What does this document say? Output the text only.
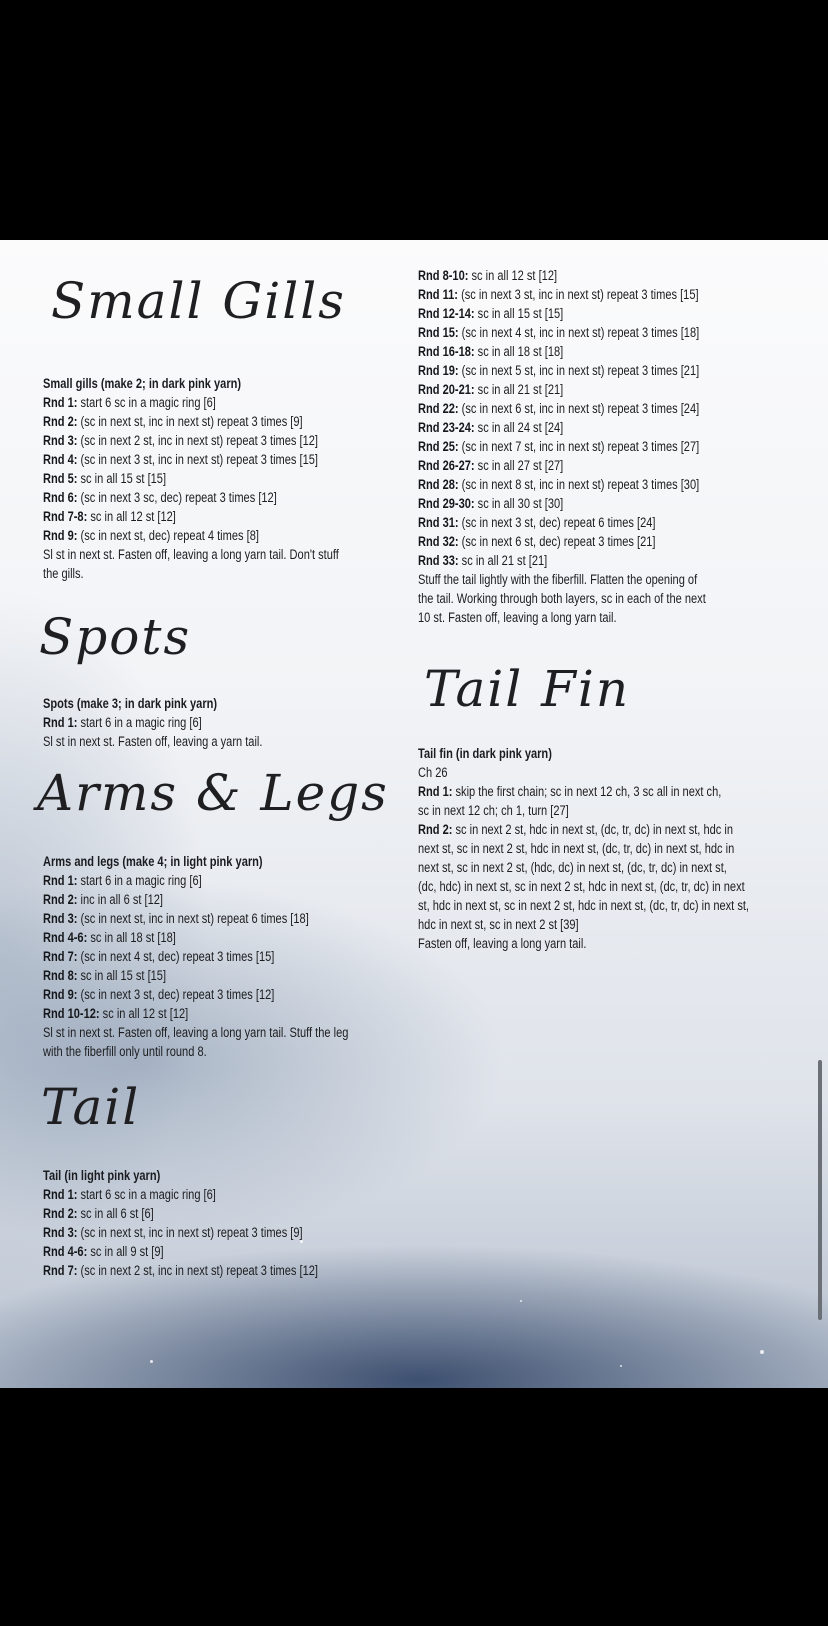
Small Gills
Small gills (make 2; in dark pink yarn)
Rnd 1: start 6 sc in a magic ring [6]
Rnd 2: (sc in next st, inc in next st) repeat 3 times [9]
Rnd 3: (sc in next 2 st, inc in next st) repeat 3 times [12]
Rnd 4: (sc in next 3 st, inc in next st) repeat 3 times [15]
Rnd 5: sc in all 15 st [15]
Rnd 6: (sc in next 3 sc, dec) repeat 3 times [12]
Rnd 7-8: sc in all 12 st [12]
Rnd 9: (sc in next st, dec) repeat 4 times [8]
Sl st in next st. Fasten off, leaving a long yarn tail. Don't stuff
the gills.
Spots
Spots (make 3; in dark pink yarn)
Rnd 1: start 6 in a magic ring [6]
Sl st in next st. Fasten off, leaving a yarn tail.
Arms & Legs
Arms and legs (make 4; in light pink yarn)
Rnd 1: start 6 in a magic ring [6]
Rnd 2: inc in all 6 st [12]
Rnd 3: (sc in next st, inc in next st) repeat 6 times [18]
Rnd 4-6: sc in all 18 st [18]
Rnd 7: (sc in next 4 st, dec) repeat 3 times [15]
Rnd 8: sc in all 15 st [15]
Rnd 9: (sc in next 3 st, dec) repeat 3 times [12]
Rnd 10-12: sc in all 12 st [12]
Sl st in next st. Fasten off, leaving a long yarn tail. Stuff the leg
with the fiberfill only until round 8.
Tail
Tail (in light pink yarn)
Rnd 1: start 6 sc in a magic ring [6]
Rnd 2: sc in all 6 st [6]
Rnd 3: (sc in next st, inc in next st) repeat 3 times [9]
Rnd 4-6: sc in all 9 st [9]
Rnd 7: (sc in next 2 st, inc in next st) repeat 3 times [12]
Rnd 8-10: sc in all 12 st [12]
Rnd 11: (sc in next 3 st, inc in next st) repeat 3 times [15]
Rnd 12-14: sc in all 15 st [15]
Rnd 15: (sc in next 4 st, inc in next st) repeat 3 times [18]
Rnd 16-18: sc in all 18 st [18]
Rnd 19: (sc in next 5 st, inc in next st) repeat 3 times [21]
Rnd 20-21: sc in all 21 st [21]
Rnd 22: (sc in next 6 st, inc in next st) repeat 3 times [24]
Rnd 23-24: sc in all 24 st [24]
Rnd 25: (sc in next 7 st, inc in next st) repeat 3 times [27]
Rnd 26-27: sc in all 27 st [27]
Rnd 28: (sc in next 8 st, inc in next st) repeat 3 times [30]
Rnd 29-30: sc in all 30 st [30]
Rnd 31: (sc in next 3 st, dec) repeat 6 times [24]
Rnd 32: (sc in next 6 st, dec) repeat 3 times [21]
Rnd 33: sc in all 21 st [21]
Stuff the tail lightly with the fiberfill. Flatten the opening of
the tail. Working through both layers, sc in each of the next
10 st. Fasten off, leaving a long yarn tail.
Tail Fin
Tail fin (in dark pink yarn)
Ch 26
Rnd 1: skip the first chain; sc in next 12 ch, 3 sc all in next ch,
sc in next 12 ch; ch 1, turn [27]
Rnd 2: sc in next 2 st, hdc in next st, (dc, tr, dc) in next st, hdc in
next st, sc in next 2 st, hdc in next st, (dc, tr, dc) in next st, hdc in
next st, sc in next 2 st, (hdc, dc) in next st, (dc, tr, dc) in next st,
(dc, hdc) in next st, sc in next 2 st, hdc in next st, (dc, tr, dc) in next
st, hdc in next st, sc in next 2 st, hdc in next st, (dc, tr, dc) in next st,
hdc in next st, sc in next 2 st [39]
Fasten off, leaving a long yarn tail.
